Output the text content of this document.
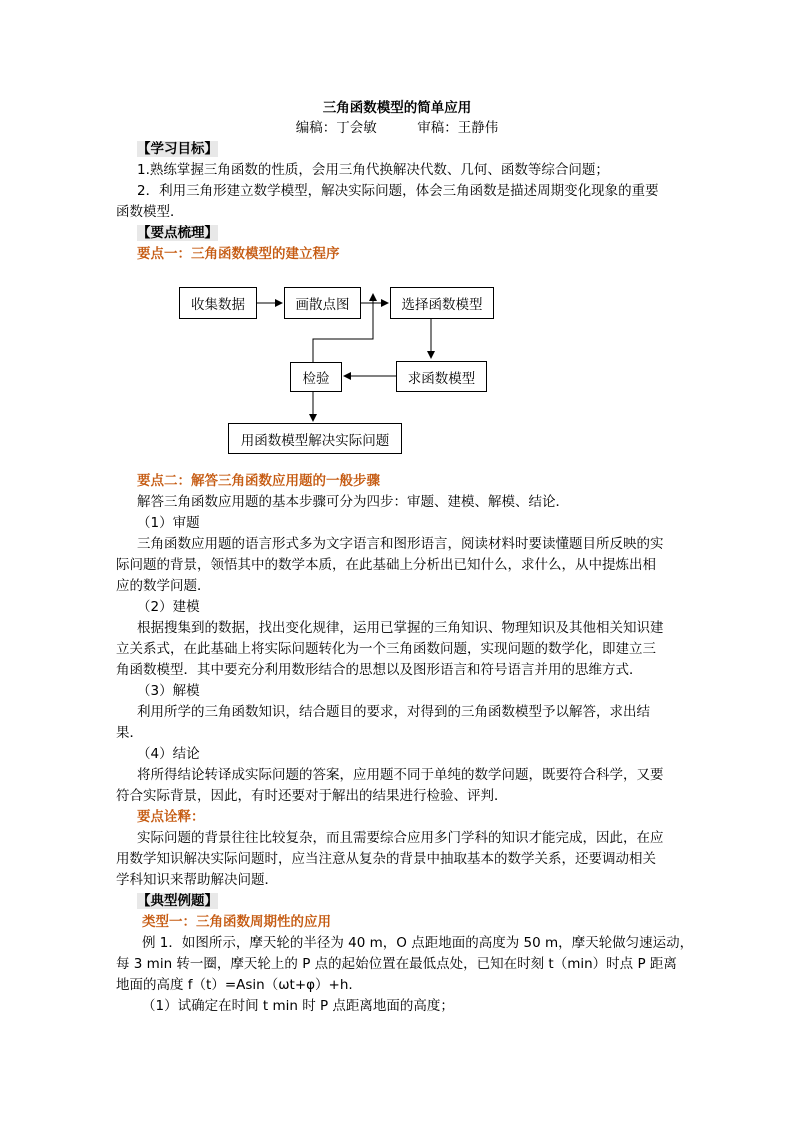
三角函数模型的简单应用
编稿：丁会敏　　　审稿：王静伟
【学习目标】
1.熟练掌握三角函数的性质，会用三角代换解决代数、几何、函数等综合问题；
2．利用三角形建立数学模型，解决实际问题，体会三角函数是描述周期变化现象的重要
函数模型．
【要点梳理】
要点一：三角函数模型的建立程序
收集数据	画散点图	选择函数模型
求函数模型
检验
用函数模型解决实际问题
要点二：解答三角函数应用题的一般步骤
解答三角函数应用题的基本步骤可分为四步：审题、建模、解模、结论．
（1）审题
三角函数应用题的语言形式多为文字语言和图形语言，阅读材料时要读懂题目所反映的实
际问题的背景，领悟其中的数学本质，在此基础上分析出已知什么，求什么，从中提炼出相
应的数学问题．
（2）建模
根据搜集到的数据，找出变化规律，运用已掌握的三角知识、物理知识及其他相关知识建
立关系式，在此基础上将实际问题转化为一个三角函数问题，实现问题的数学化，即建立三
角函数模型．其中要充分利用数形结合的思想以及图形语言和符号语言并用的思维方式．
（3）解模
利用所学的三角函数知识，结合题目的要求，对得到的三角函数模型予以解答，求出结
果．
（4）结论
将所得结论转译成实际问题的答案，应用题不同于单纯的数学问题，既要符合科学，又要
符合实际背景，因此，有时还要对于解出的结果进行检验、评判．
要点诠释：
实际问题的背景往往比较复杂，而且需要综合应用多门学科的知识才能完成，因此，在应
用数学知识解决实际问题时，应当注意从复杂的背景中抽取基本的数学关系，还要调动相关
学科知识来帮助解决问题．
【典型例题】
类型一：三角函数周期性的应用
例 1．如图所示，摩天轮的半径为 40 m，O 点距地面的高度为 50 m，摩天轮做匀速运动，
每 3 min 转一圈，摩天轮上的 P 点的起始位置在最低点处，已知在时刻 t（min）时点 P 距离
地面的高度 f（t）=Asin（ωt+φ）+h.
（1）试确定在时间 t min 时 P 点距离地面的高度；
